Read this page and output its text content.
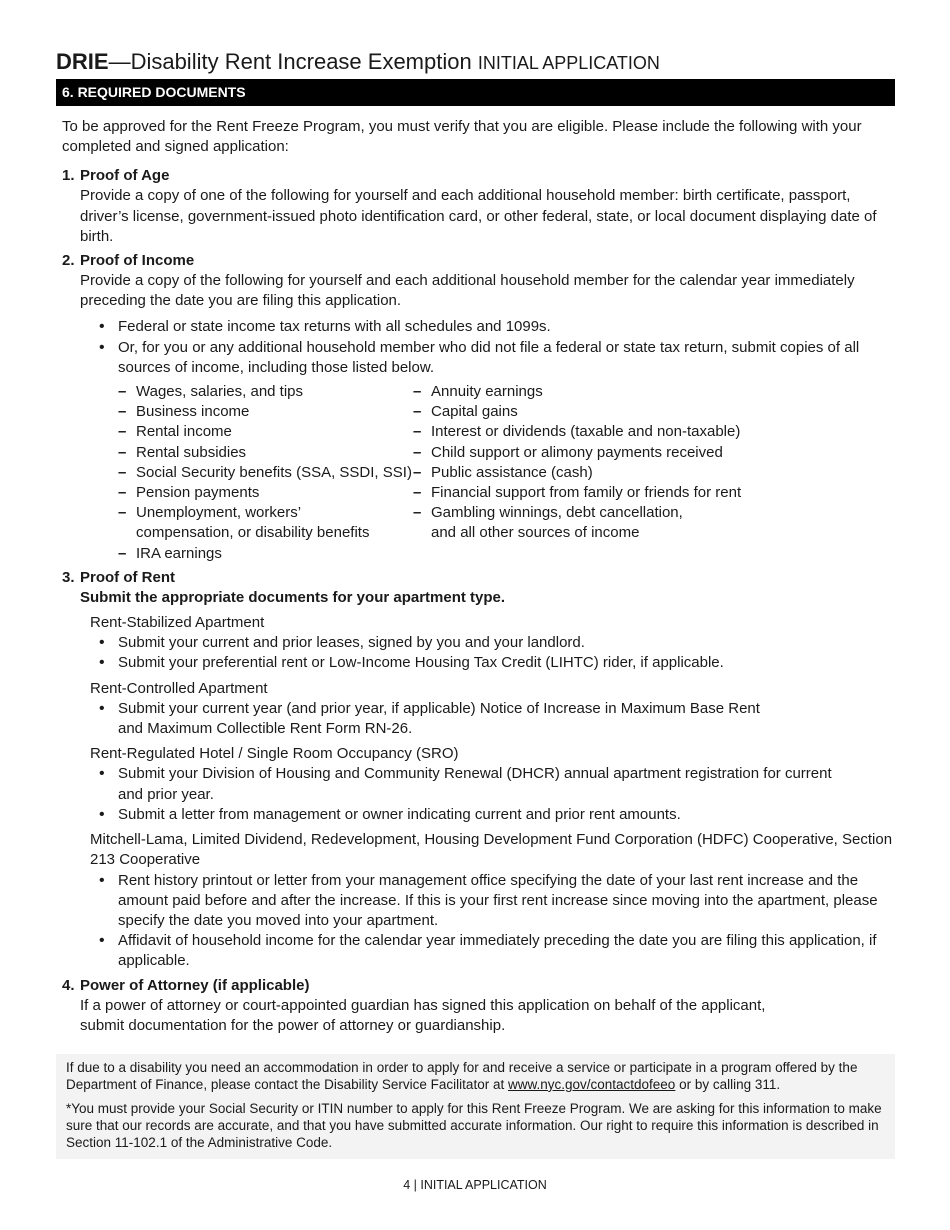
DRIE—Disability Rent Increase Exemption INITIAL APPLICATION
6. REQUIRED DOCUMENTS
To be approved for the Rent Freeze Program, you must verify that you are eligible. Please include the following with your completed and signed application:
1. Proof of Age
Provide a copy of one of the following for yourself and each additional household member: birth certificate, passport, driver’s license, government-issued photo identification card, or other federal, state, or local document displaying date of birth.
2. Proof of Income
Provide a copy of the following for yourself and each additional household member for the calendar year immediately preceding the date you are filing this application.
• Federal or state income tax returns with all schedules and 1099s.
• Or, for you or any additional household member who did not file a federal or state tax return, submit copies of all sources of income, including those listed below.
– Wages, salaries, and tips
– Business income
– Rental income
– Rental subsidies
– Social Security benefits (SSA, SSDI, SSI)
– Pension payments
– Unemployment, workers’ compensation, or disability benefits
– IRA earnings
– Annuity earnings
– Capital gains
– Interest or dividends (taxable and non-taxable)
– Child support or alimony payments received
– Public assistance (cash)
– Financial support from family or friends for rent
– Gambling winnings, debt cancellation, and all other sources of income
3. Proof of Rent
Submit the appropriate documents for your apartment type.
Rent-Stabilized Apartment
• Submit your current and prior leases, signed by you and your landlord.
• Submit your preferential rent or Low-Income Housing Tax Credit (LIHTC) rider, if applicable.
Rent-Controlled Apartment
• Submit your current year (and prior year, if applicable) Notice of Increase in Maximum Base Rent and Maximum Collectible Rent Form RN-26.
Rent-Regulated Hotel / Single Room Occupancy (SRO)
• Submit your Division of Housing and Community Renewal (DHCR) annual apartment registration for current and prior year.
• Submit a letter from management or owner indicating current and prior rent amounts.
Mitchell-Lama, Limited Dividend, Redevelopment, Housing Development Fund Corporation (HDFC) Cooperative, Section 213 Cooperative
• Rent history printout or letter from your management office specifying the date of your last rent increase and the amount paid before and after the increase. If this is your first rent increase since moving into the apartment, please specify the date you moved into your apartment.
• Affidavit of household income for the calendar year immediately preceding the date you are filing this application, if applicable.
4. Power of Attorney (if applicable)
If a power of attorney or court-appointed guardian has signed this application on behalf of the applicant, submit documentation for the power of attorney or guardianship.

If due to a disability you need an accommodation in order to apply for and receive a service or participate in a program offered by the Department of Finance, please contact the Disability Service Facilitator at www.nyc.gov/contactdofeeo or by calling 311.

*You must provide your Social Security or ITIN number to apply for this Rent Freeze Program. We are asking for this information to make sure that our records are accurate, and that you have submitted accurate information. Our right to require this information is described in Section 11-102.1 of the Administrative Code.

4 | INITIAL APPLICATION
